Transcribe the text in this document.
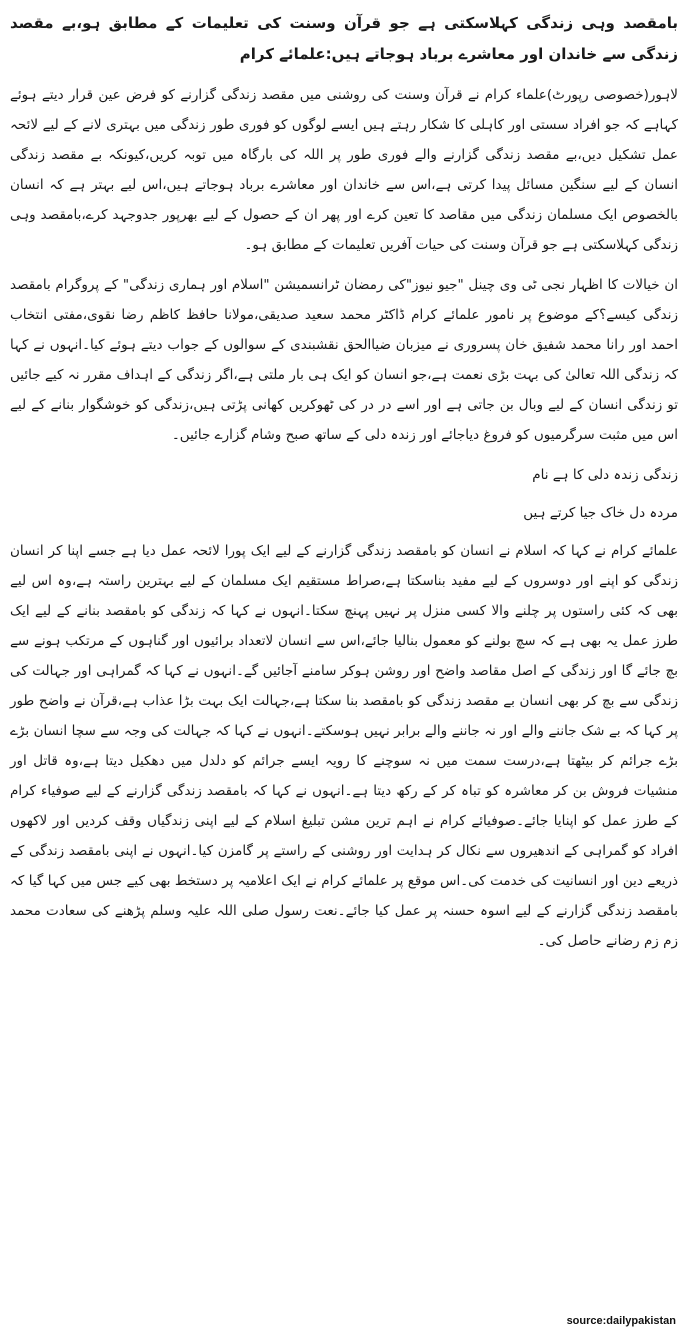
بامقصد وہی زندگی کہلاسکتی ہے جو قرآن وسنت کی تعلیمات کے مطابق ہو،بے مقصد زندگی سے خاندان اور معاشرے برباد ہوجاتے ہیں:علمائے کرام

لاہور(خصوصی رپورٹ)علماء کرام نے قرآن وسنت کی روشنی میں مقصد زندگی گزارنے کو فرض عین قرار دیتے ہوئے کہاہے کہ جو افراد سستی اور کاہلی کا شکار رہتے ہیں ایسے لوگوں کو فوری طور زندگی میں بہتری لانے کے لیے لائحہ عمل تشکیل دیں،بے مقصد زندگی گزارنے والے فوری طور پر اللہ کی بارگاہ میں توبہ کریں،کیونکہ بے مقصد زندگی انسان کے لیے سنگین مسائل پیدا کرتی ہے،اس سے خاندان اور معاشرے برباد ہوجاتے ہیں،اس لیے بہتر ہے کہ انسان بالخصوص ایک مسلمان زندگی میں مقاصد کا تعین کرے اور پھر ان کے حصول کے لیے بھرپور جدوجہد کرے،بامقصد وہی زندگی کہلاسکتی ہے جو قرآن وسنت کی حیات آفریں تعلیمات کے مطابق ہو۔

ان خیالات کا اظہار نجی ٹی وی چینل "جیو نیوز"کی رمضان ٹرانسمیشن "اسلام اور ہماری زندگی" کے پروگرام بامقصد زندگی کیسے؟کے موضوع پر نامور علمائے کرام ڈاکٹر محمد سعید صدیقی،مولانا حافظ کاظم رضا نقوی،مفتی انتخاب احمد اور رانا محمد شفیق خان پسروری نے میزبان ضیاالحق نقشبندی کے سوالوں کے جواب دیتے ہوئے کیا۔انہوں نے کہا کہ زندگی اللہ تعالیٰ کی بہت بڑی نعمت ہے،جو انسان کو ایک ہی بار ملتی ہے،اگر زندگی کے اہداف مقرر نہ کیے جائیں تو زندگی انسان کے لیے وبال بن جاتی ہے اور اسے در در کی ٹھوکریں کھانی پڑتی ہیں،زندگی کو خوشگوار بنانے کے لیے اس میں مثبت سرگرمیوں کو فروغ دیاجائے اور زندہ دلی کے ساتھ صبح وشام گزارے جائیں۔

زندگی زندہ دلی کا ہے نام

مردہ دل خاک جیا کرتے ہیں

علمائے کرام نے کہا کہ اسلام نے انسان کو بامقصد زندگی گزارنے کے لیے ایک پورا لائحہ عمل دیا ہے جسے اپنا کر انسان زندگی کو اپنے اور دوسروں کے لیے مفید بناسکتا ہے،صراط مستقیم ایک مسلمان کے لیے بہترین راستہ ہے،وہ اس لیے بھی کہ کئی راستوں پر چلنے والا کسی منزل پر نہیں پہنچ سکتا۔انہوں نے کہا کہ زندگی کو بامقصد بنانے کے لیے ایک طرز عمل یہ بھی ہے کہ سچ بولنے کو معمول بنالیا جائے،اس سے انسان لاتعداد برائیوں اور گناہوں کے مرتکب ہونے سے بچ جائے گا اور زندگی کے اصل مقاصد واضح اور روشن ہوکر سامنے آجائیں گے۔انہوں نے کہا کہ گمراہی اور جہالت کی زندگی سے بچ کر بھی انسان بے مقصد زندگی کو بامقصد بنا سکتا ہے،جہالت ایک بہت بڑا عذاب ہے،قرآن نے واضح طور پر کہا کہ بے شک جاننے والے اور نہ جاننے والے برابر نہیں ہوسکتے۔انہوں نے کہا کہ جہالت کی وجہ سے سچا انسان بڑے بڑے جرائم کر بیٹھتا ہے،درست سمت میں نہ سوچنے کا رویہ ایسے جرائم کو دلدل میں دھکیل دیتا ہے،وہ قاتل اور منشیات فروش بن کر معاشرہ کو تباہ کر کے رکھ دیتا ہے۔انہوں نے کہا کہ بامقصد زندگی گزارنے کے لیے صوفیاء کرام کے طرز عمل کو اپنایا جائے۔صوفیائے کرام نے اہم ترین مشن تبلیغ اسلام کے لیے اپنی زندگیاں وقف کردیں اور لاکھوں افراد کو گمراہی کے اندھیروں سے نکال کر ہدایت اور روشنی کے راستے پر گامزن کیا۔انہوں نے اپنی بامقصد زندگی کے ذریعے دین اور انسانیت کی خدمت کی۔اس موقع پر علمائے کرام نے ایک اعلامیہ پر دستخط بھی کیے جس میں کہا گیا کہ بامقصد زندگی گزارنے کے لیے اسوہ حسنہ پر عمل کیا جائے۔نعت رسول صلی اللہ علیہ وسلم پڑھنے کی سعادت محمد زم زم رضانے حاصل کی۔

source:dailypakistan
